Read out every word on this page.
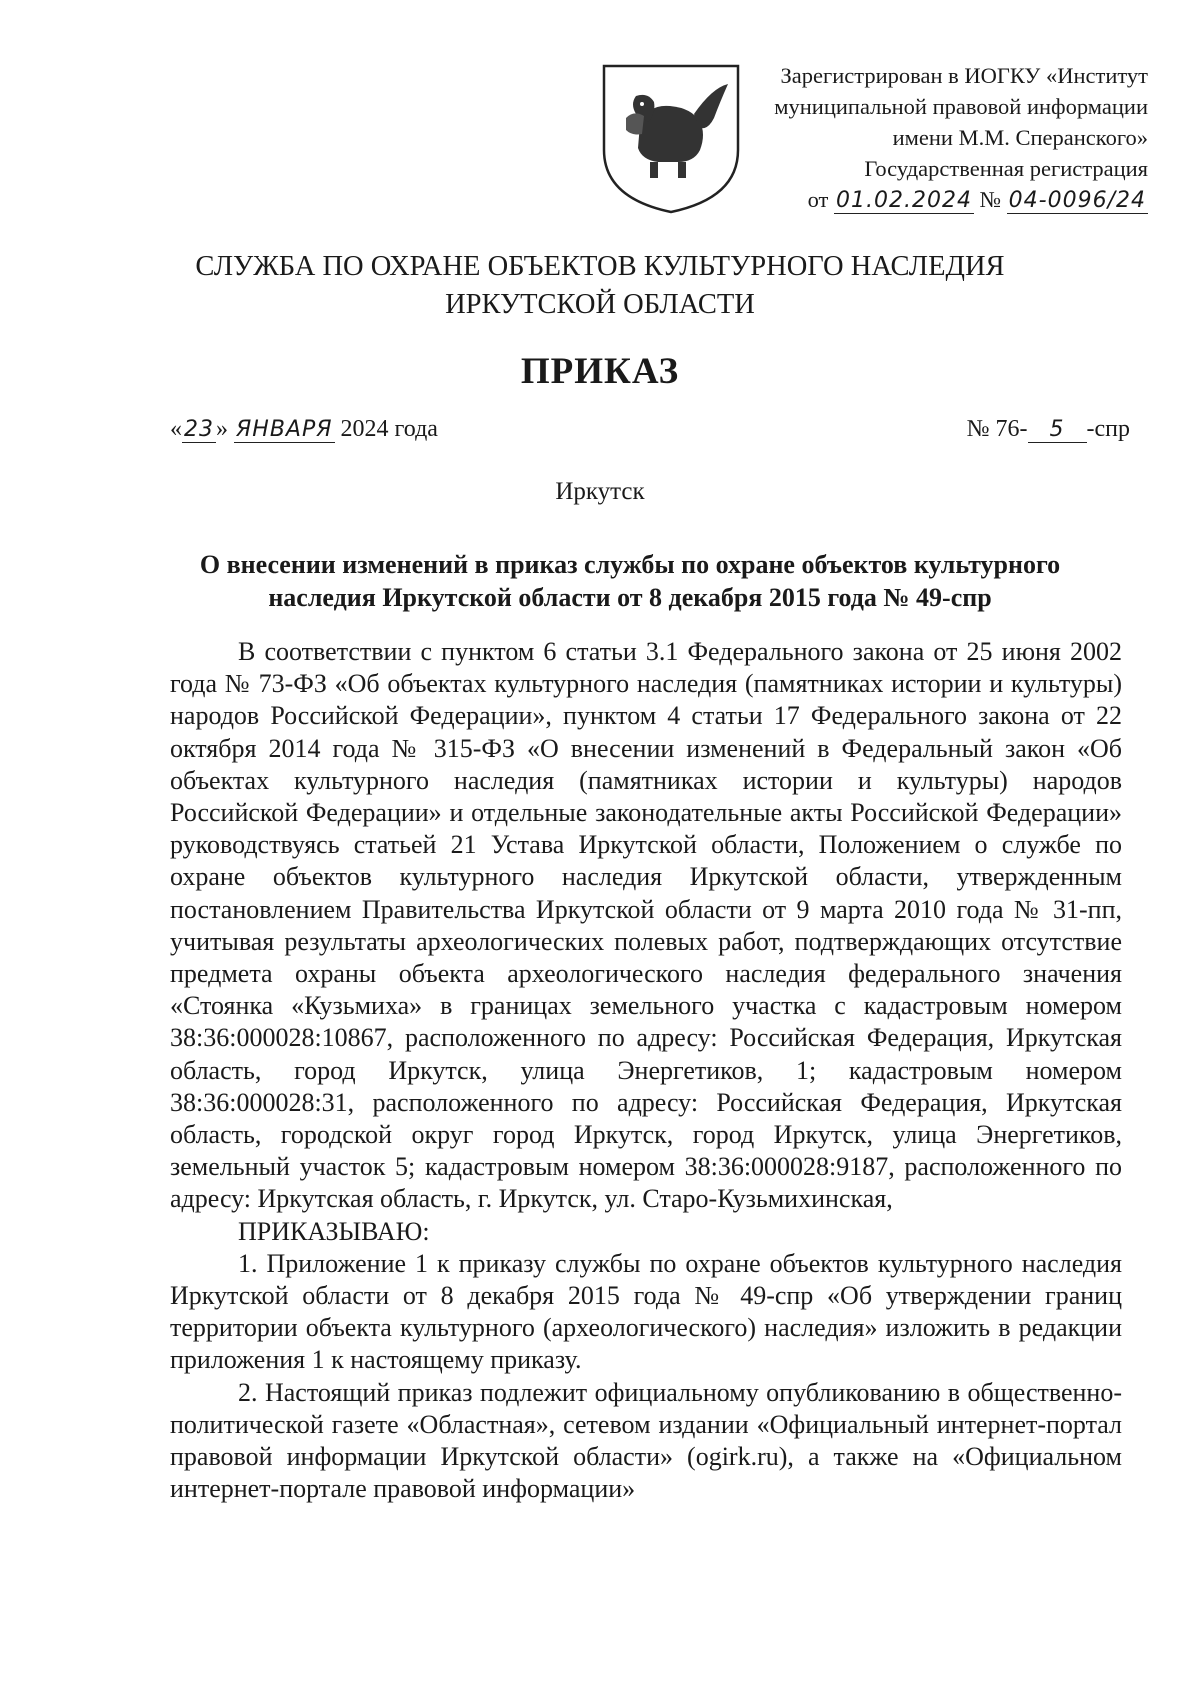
Зарегистрирован в ИОГКУ «Институт
муниципальной правовой информации
имени М.М. Сперанского»
Государственная регистрация
от 01.02.2024 № 04-0096/24
СЛУЖБА ПО ОХРАНЕ ОБЪЕКТОВ КУЛЬТУРНОГО НАСЛЕДИЯ
ИРКУТСКОЙ ОБЛАСТИ
ПРИКАЗ
«23» ЯНВАРЯ 2024 года	№ 76- 5 -спр
Иркутск
О внесении изменений в приказ службы по охране объектов культурного наследия Иркутской области от 8 декабря 2015 года № 49-спр

В соответствии с пунктом 6 статьи 3.1 Федерального закона от 25 июня 2002 года № 73-ФЗ «Об объектах культурного наследия (памятниках истории и культуры) народов Российской Федерации», пунктом 4 статьи 17 Федерального закона от 22 октября 2014 года № 315-ФЗ «О внесении изменений в Федеральный закон «Об объектах культурного наследия (памятниках истории и культуры) народов Российской Федерации» и отдельные законодательные акты Российской Федерации» руководствуясь статьей 21 Устава Иркутской области, Положением о службе по охране объектов культурного наследия Иркутской области, утвержденным постановлением Правительства Иркутской области от 9 марта 2010 года № 31-пп, учитывая результаты археологических полевых работ, подтверждающих отсутствие предмета охраны объекта археологического наследия федерального значения «Стоянка «Кузьмиха» в границах земельного участка с кадастровым номером 38:36:000028:10867, расположенного по адресу: Российская Федерация, Иркутская область, город Иркутск, улица Энергетиков, 1; кадастровым номером 38:36:000028:31, расположенного по адресу: Российская Федерация, Иркутская область, городской округ город Иркутск, город Иркутск, улица Энергетиков, земельный участок 5; кадастровым номером 38:36:000028:9187, расположенного по адресу: Иркутская область, г. Иркутск, ул. Старо-Кузьмихинская,

ПРИКАЗЫВАЮ:

1. Приложение 1 к приказу службы по охране объектов культурного наследия Иркутской области от 8 декабря 2015 года № 49-спр «Об утверждении границ территории объекта культурного (археологического) наследия» изложить в редакции приложения 1 к настоящему приказу.

2. Настоящий приказ подлежит официальному опубликованию в общественно-политической газете «Областная», сетевом издании «Официальный интернет-портал правовой информации Иркутской области» (ogirk.ru), а также на «Официальном интернет-портале правовой информации»
